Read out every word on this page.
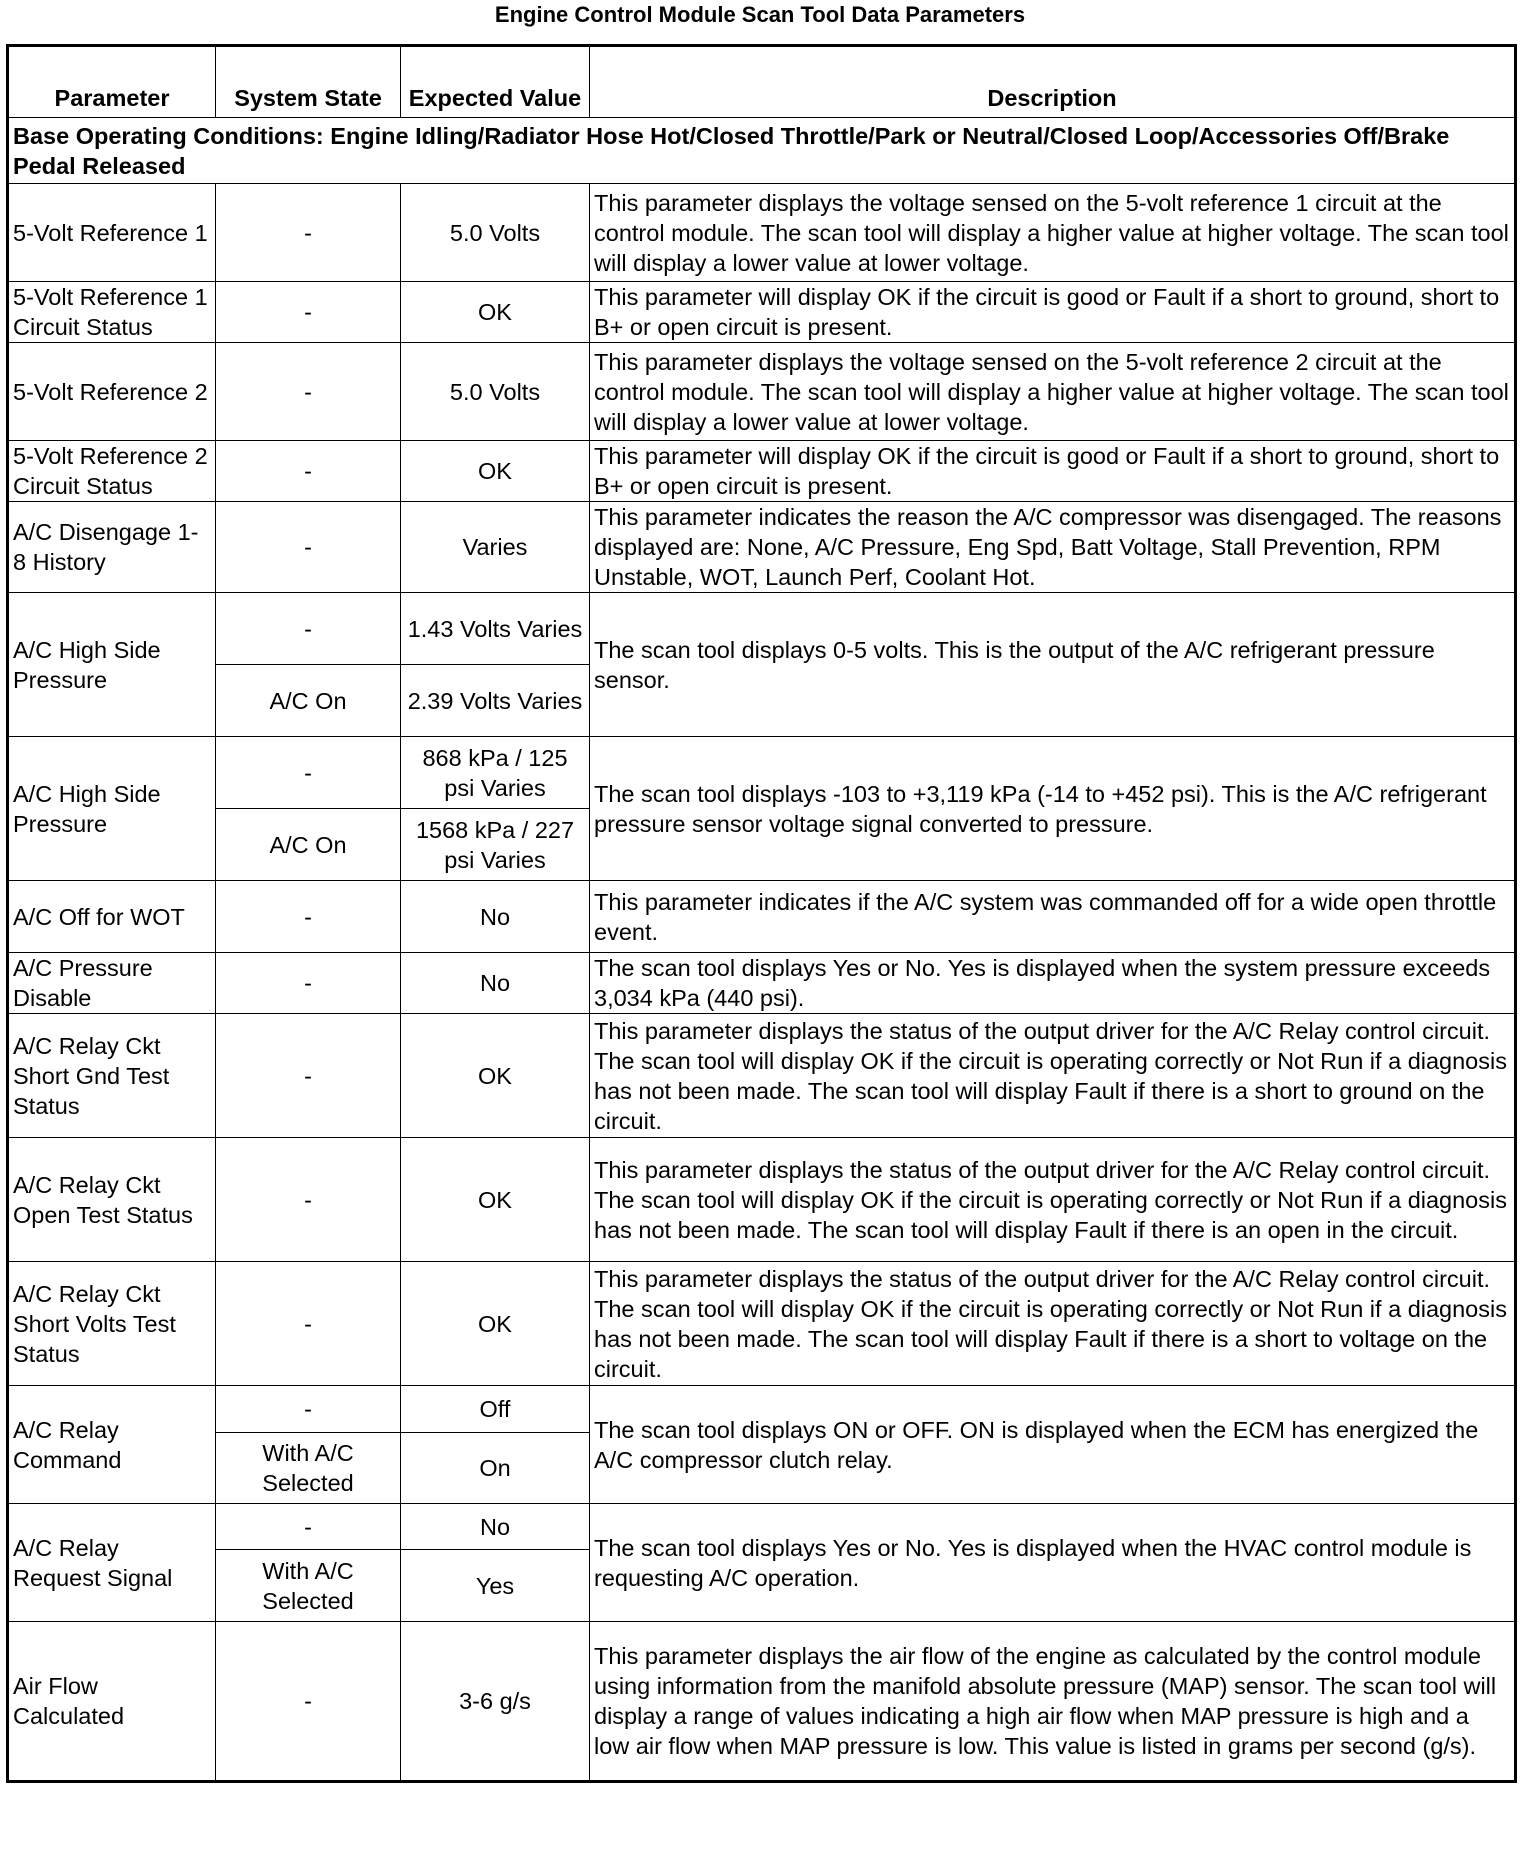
Engine Control Module Scan Tool Data Parameters
Parameter	System State	Expected Value	Description
Base Operating Conditions: Engine Idling/Radiator Hose Hot/Closed Throttle/Park or Neutral/Closed Loop/Accessories Off/Brake Pedal Released			
5-Volt Reference 1	-	5.0 Volts	This parameter displays the voltage sensed on the 5-volt reference 1 circuit at the control module. The scan tool will display a higher value at higher voltage. The scan tool will display a lower value at lower voltage.
5-Volt Reference 1 Circuit Status	-	OK	This parameter will display OK if the circuit is good or Fault if a short to ground, short to B+ or open circuit is present.
5-Volt Reference 2	-	5.0 Volts	This parameter displays the voltage sensed on the 5-volt reference 2 circuit at the control module. The scan tool will display a higher value at higher voltage. The scan tool will display a lower value at lower voltage.
5-Volt Reference 2 Circuit Status	-	OK	This parameter will display OK if the circuit is good or Fault if a short to ground, short to B+ or open circuit is present.
A/C Disengage 1-8 History	-	Varies	This parameter indicates the reason the A/C compressor was disengaged. The reasons displayed are: None, A/C Pressure, Eng Spd, Batt Voltage, Stall Prevention, RPM Unstable, WOT, Launch Perf, Coolant Hot.
A/C High Side Pressure	-	1.43 Volts Varies	The scan tool displays 0-5 volts. This is the output of the A/C refrigerant pressure sensor.
	A/C On	2.39 Volts Varies	
A/C High Side Pressure	-	868 kPa / 125 psi Varies	The scan tool displays -103 to +3,119 kPa (-14 to +452 psi). This is the A/C refrigerant pressure sensor voltage signal converted to pressure.
	A/C On	1568 kPa / 227 psi Varies	
A/C Off for WOT	-	No	This parameter indicates if the A/C system was commanded off for a wide open throttle event.
A/C Pressure Disable	-	No	The scan tool displays Yes or No. Yes is displayed when the system pressure exceeds 3,034 kPa (440 psi).
A/C Relay Ckt Short Gnd Test Status	-	OK	This parameter displays the status of the output driver for the A/C Relay control circuit. The scan tool will display OK if the circuit is operating correctly or Not Run if a diagnosis has not been made. The scan tool will display Fault if there is a short to ground on the circuit.
A/C Relay Ckt Open Test Status	-	OK	This parameter displays the status of the output driver for the A/C Relay control circuit. The scan tool will display OK if the circuit is operating correctly or Not Run if a diagnosis has not been made. The scan tool will display Fault if there is an open in the circuit.
A/C Relay Ckt Short Volts Test Status	-	OK	This parameter displays the status of the output driver for the A/C Relay control circuit. The scan tool will display OK if the circuit is operating correctly or Not Run if a diagnosis has not been made. The scan tool will display Fault if there is a short to voltage on the circuit.
A/C Relay Command	-	Off	The scan tool displays ON or OFF. ON is displayed when the ECM has energized the A/C compressor clutch relay.
	With A/C Selected	On	
A/C Relay Request Signal	-	No	The scan tool displays Yes or No. Yes is displayed when the HVAC control module is requesting A/C operation.
	With A/C Selected	Yes	
Air Flow Calculated	-	3-6 g/s	This parameter displays the air flow of the engine as calculated by the control module using information from the manifold absolute pressure (MAP) sensor. The scan tool will display a range of values indicating a high air flow when MAP pressure is high and a low air flow when MAP pressure is low. This value is listed in grams per second (g/s).
